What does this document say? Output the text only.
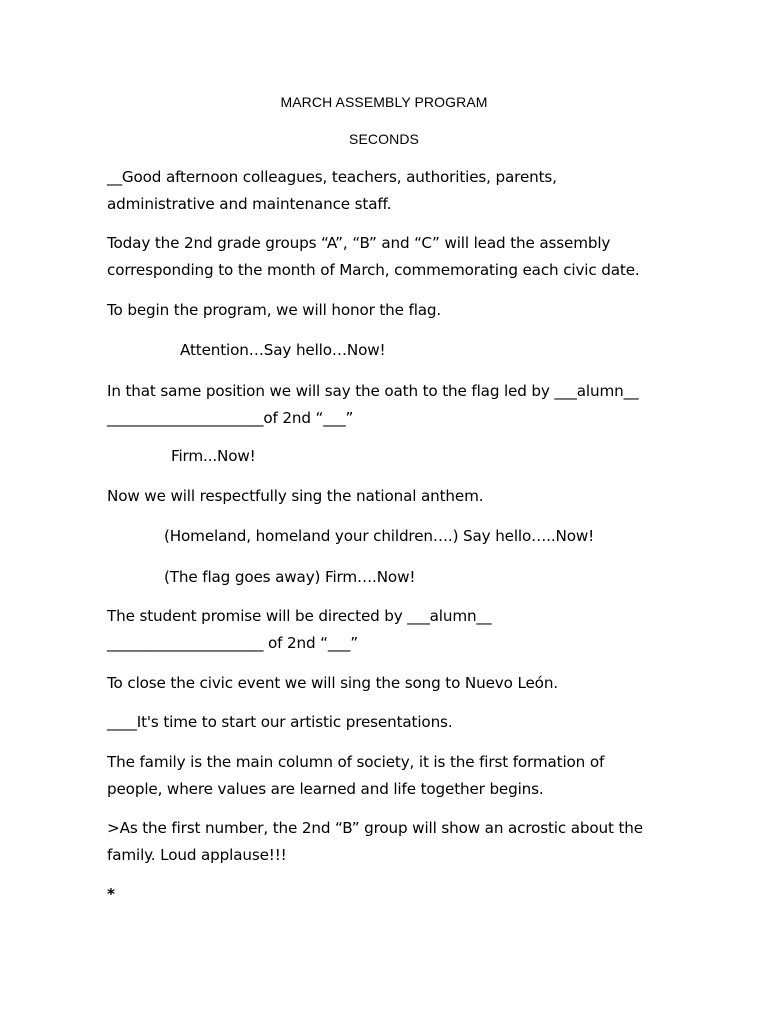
MARCH ASSEMBLY PROGRAM
SECONDS
__Good afternoon colleagues, teachers, authorities, parents,
administrative and maintenance staff.
Today the 2nd grade groups “A”, “B” and “C” will lead the assembly
corresponding to the month of March, commemorating each civic date.
To begin the program, we will honor the flag.
Attention…Say hello…Now!
In that same position we will say the oath to the flag led by ___alumn__
_____________________of 2nd “___”
Firm...Now!
Now we will respectfully sing the national anthem.
(Homeland, homeland your children….) Say hello…..Now!
(The flag goes away) Firm….Now!
The student promise will be directed by ___alumn__
_____________________ of 2nd “___”
To close the civic event we will sing the song to Nuevo León.
____It's time to start our artistic presentations.
The family is the main column of society, it is the first formation of
people, where values are learned and life together begins.
>As the first number, the 2nd “B” group will show an acrostic about the
family. Loud applause!!!
*
